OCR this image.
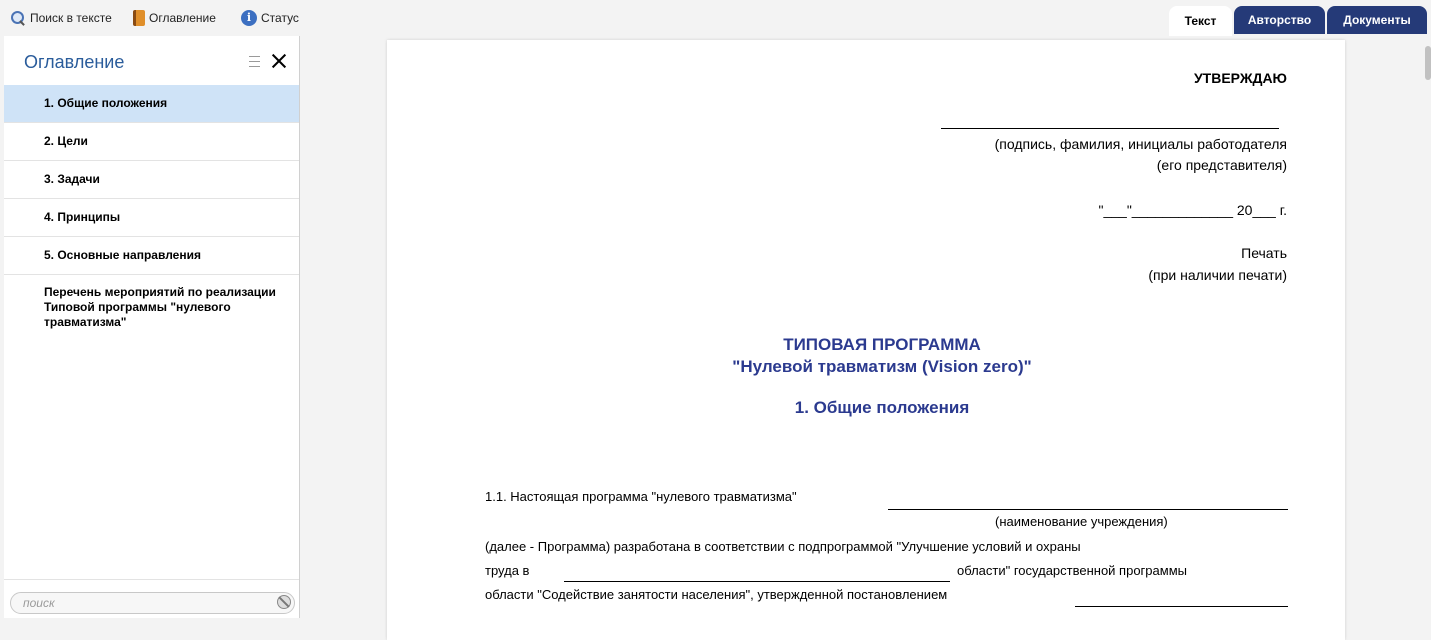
Поиск в тексте	Оглавление	i Статус	Текст	Авторство	Документы
Оглавление
1. Общие положения
2. Цели
3. Задачи
4. Принципы
5. Основные направления
Перечень мероприятий по реализации Типовой программы "нулевого травматизма"
поиск
УТВЕРЖДАЮ
(подпись, фамилия, инициалы работодателя
(его представителя)
"___"_____________ 20___ г.
Печать
(при наличии печати)
ТИПОВАЯ ПРОГРАММА
"Нулевой травматизм (Vision zero)"
1. Общие положения
1.1. Настоящая программа "нулевого травматизма"
(наименование учреждения)
(далее - Программа) разработана в соответствии с подпрограммой "Улучшение условий и охраны
труда в	области" государственной программы
области "Содействие занятости населения", утвержденной постановлением
